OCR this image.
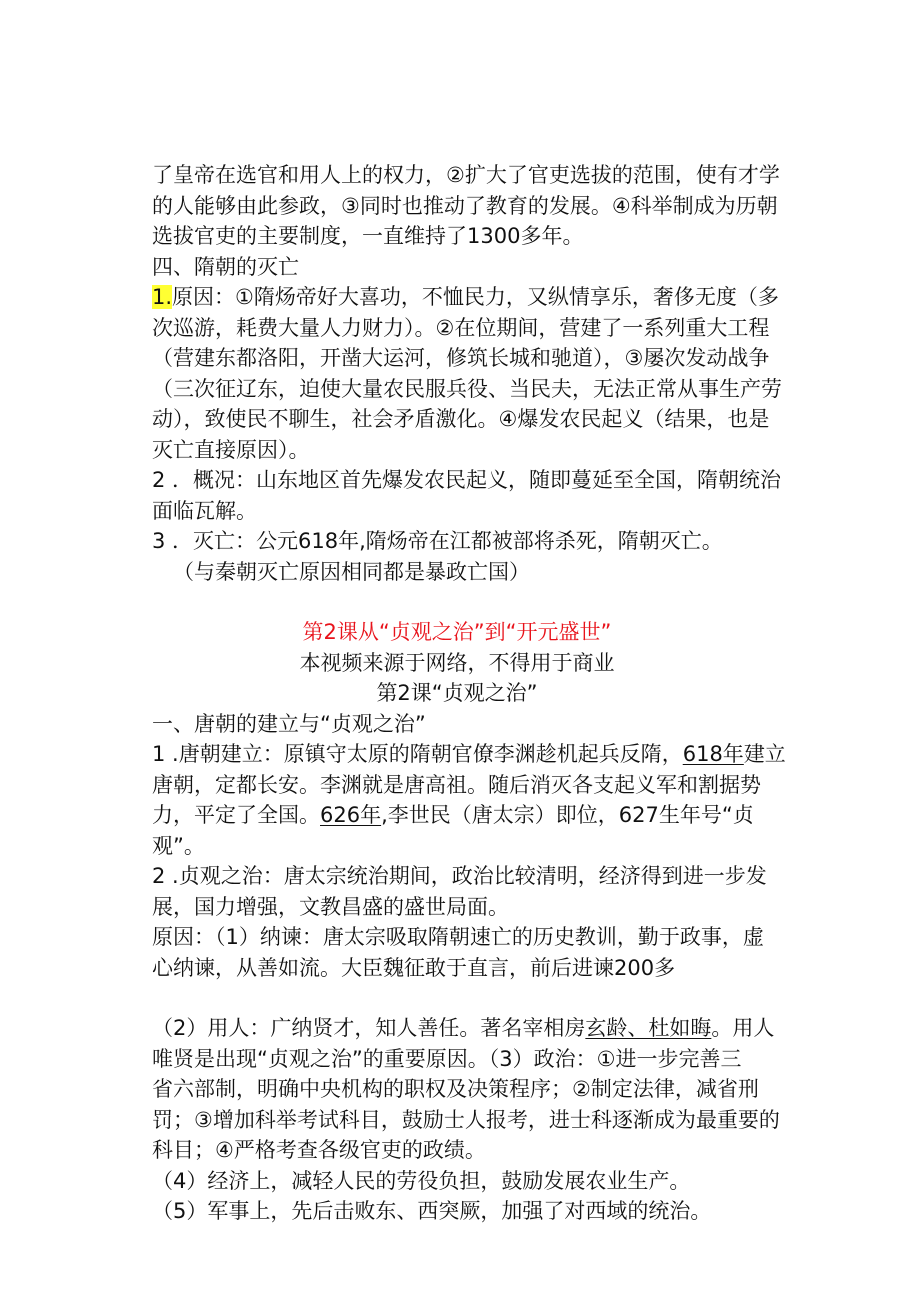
了皇帝在选官和用人上的权力，②扩大了官吏选拔的范围，使有才学

的人能够由此参政，③同时也推动了教育的发展。④科举制成为历朝

选拔官吏的主要制度，一直维持了1300多年。

四、隋朝的灭亡

1.原因：①隋炀帝好大喜功，不恤民力，又纵情享乐，奢侈无度（多

次巡游，耗费大量人力财力）。②在位期间，营建了一系列重大工程

（营建东都洛阳，开凿大运河，修筑长城和驰道），③屡次发动战争

（三次征辽东，迫使大量农民服兵役、当民夫，无法正常从事生产劳

动），致使民不聊生，社会矛盾激化。④爆发农民起义（结果，也是

灭亡直接原因）。

2 ．概况：山东地区首先爆发农民起义，随即蔓延至全国，隋朝统治

面临瓦解。

3 ．灭亡：公元618年,隋炀帝在江都被部将杀死，隋朝灭亡。

（与秦朝灭亡原因相同都是暴政亡国）

第2课从“贞观之治”到“开元盛世”

本视频来源于网络，不得用于商业

第2课“贞观之治”

一、唐朝的建立与“贞观之治”

1 .唐朝建立：原镇守太原的隋朝官僚李渊趁机起兵反隋，618年建立

唐朝，定都长安。李渊就是唐高祖。随后消灭各支起义军和割据势

力，平定了全国。626年,李世民（唐太宗）即位，627生年号“贞

观”。

2 .贞观之治：唐太宗统治期间，政治比较清明，经济得到进一步发

展，国力增强，文教昌盛的盛世局面。

原因：（1）纳谏：唐太宗吸取隋朝速亡的历史教训，勤于政事，虚

心纳谏，从善如流。大臣魏征敢于直言，前后进谏200多

（2）用人：广纳贤才，知人善任。著名宰相房玄龄、杜如晦。用人

唯贤是出现“贞观之治”的重要原因。（3）政治：①进一步完善三

省六部制，明确中央机构的职权及决策程序；②制定法律，减省刑

罚；③增加科举考试科目，鼓励士人报考，进士科逐渐成为最重要的

科目；④严格考查各级官吏的政绩。

（4）经济上，减轻人民的劳役负担，鼓励发展农业生产。

（5）军事上，先后击败东、西突厥，加强了对西域的统治。
